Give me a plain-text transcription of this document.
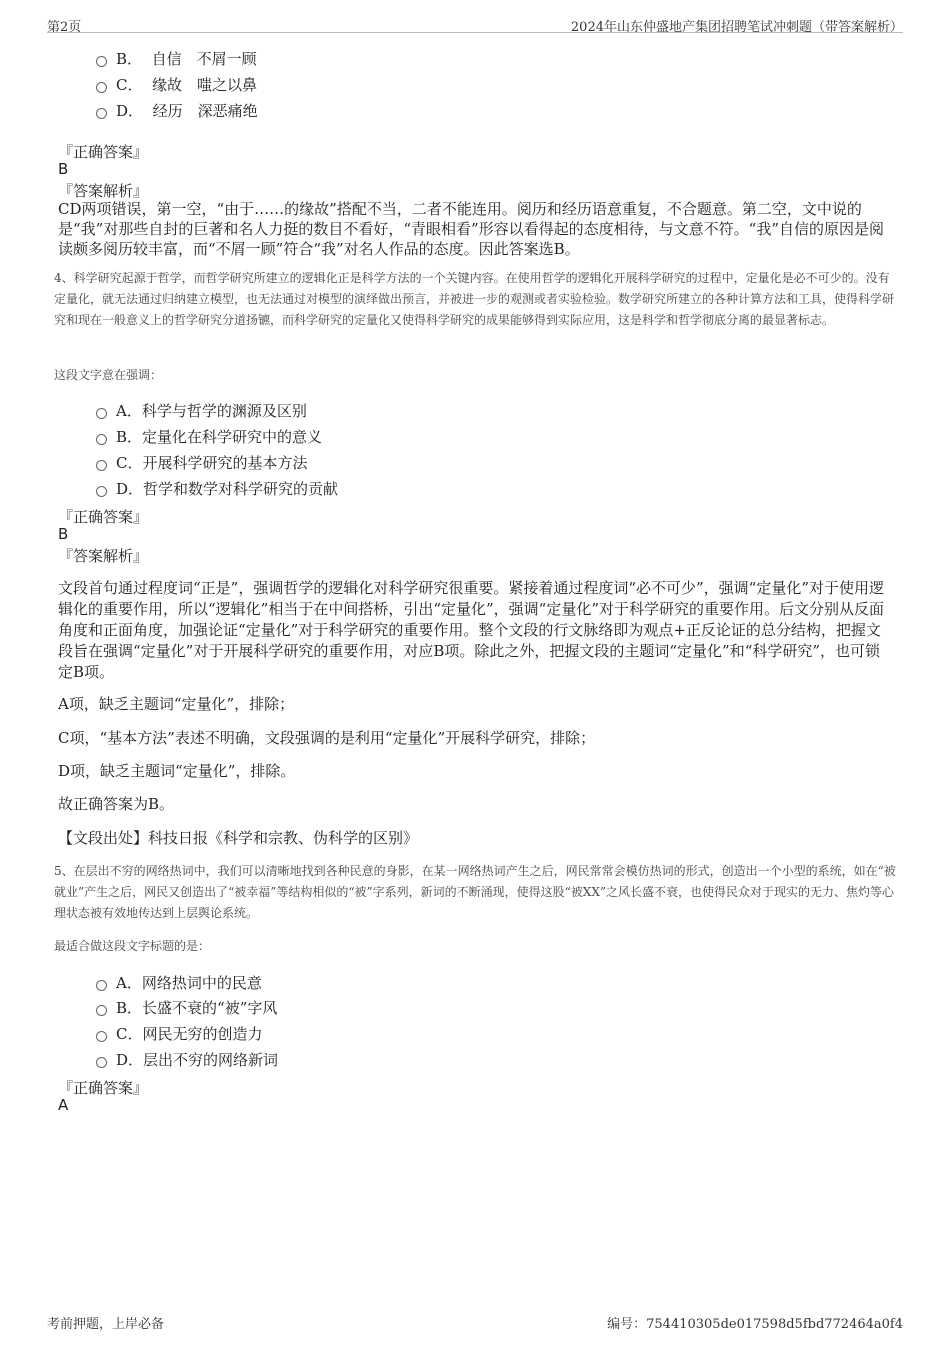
第2页	2024年山东仲盛地产集团招聘笔试冲刺题（带答案解析）
B． 自信　不屑一顾
C． 缘故　嗤之以鼻
D． 经历　深恶痛绝
『正确答案』
B
『答案解析』
CD两项错误，第一空，“由于……的缘故”搭配不当，二者不能连用。阅历和经历语意重复，不合题意。第二空，文中说的是“我”对那些自封的巨著和名人力挺的数目不看好，“青眼相看”形容以看得起的态度相待，与文意不符。“我”自信的原因是阅读颇多阅历较丰富，而“不屑一顾”符合“我”对名人作品的态度。因此答案选B。
4、科学研究起源于哲学，而哲学研究所建立的逻辑化正是科学方法的一个关键内容。在使用哲学的逻辑化开展科学研究的过程中，定量化是必不可少的。没有定量化，就无法通过归纳建立模型，也无法通过对模型的演绎做出预言，并被进一步的观测或者实验检验。数学研究所建立的各种计算方法和工具，使得科学研究和现在一般意义上的哲学研究分道扬镳，而科学研究的定量化又使得科学研究的成果能够得到实际应用，这是科学和哲学彻底分离的最显著标志。
这段文字意在强调：
A．科学与哲学的渊源及区别
B．定量化在科学研究中的意义
C．开展科学研究的基本方法
D．哲学和数学对科学研究的贡献
『正确答案』
B
『答案解析』
文段首句通过程度词“正是”，强调哲学的逻辑化对科学研究很重要。紧接着通过程度词“必不可少”，强调“定量化”对于使用逻辑化的重要作用，所以“逻辑化”相当于在中间搭桥，引出“定量化”，强调“定量化”对于科学研究的重要作用。后文分别从反面角度和正面角度，加强论证“定量化”对于科学研究的重要作用。整个文段的行文脉络即为观点+正反论证的总分结构，把握文段旨在强调“定量化”对于开展科学研究的重要作用，对应B项。除此之外，把握文段的主题词“定量化”和“科学研究”，也可锁定B项。
A项，缺乏主题词“定量化”，排除；
C项，“基本方法”表述不明确，文段强调的是利用“定量化”开展科学研究，排除；
D项，缺乏主题词“定量化”，排除。
故正确答案为B。
【文段出处】科技日报《科学和宗教、伪科学的区别》
5、在层出不穷的网络热词中，我们可以清晰地找到各种民意的身影，在某一网络热词产生之后，网民常常会模仿热词的形式，创造出一个小型的系统，如在“被就业”产生之后，网民又创造出了“被幸福”等结构相似的“被”字系列，新词的不断涌现，使得这股“被XX”之风长盛不衰，也使得民众对于现实的无力、焦灼等心理状态被有效地传达到上层舆论系统。
最适合做这段文字标题的是：
A．网络热词中的民意
B．长盛不衰的“被”字风
C．网民无穷的创造力
D．层出不穷的网络新词
『正确答案』
A
考前押题，上岸必备	编号：754410305de017598d5fbd772464a0f4
